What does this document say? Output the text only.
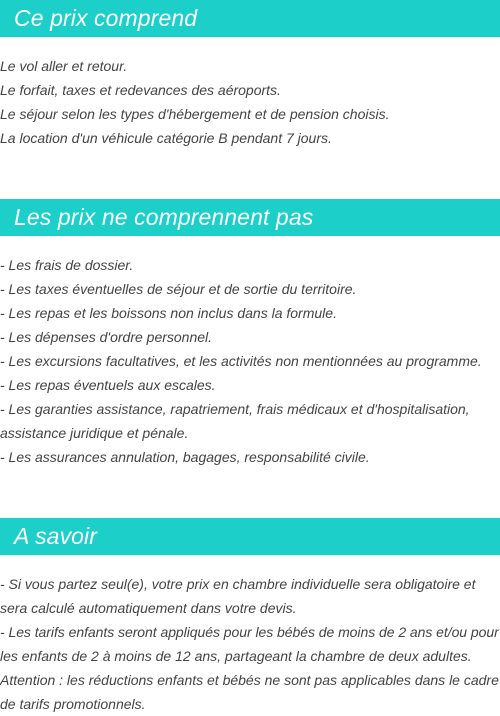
Ce prix comprend
Le vol aller et retour.
Le forfait, taxes et redevances des aéroports.
Le séjour selon les types d'hébergement et de pension choisis.
La location d'un véhicule catégorie B pendant 7 jours.
Les prix ne comprennent pas
- Les frais de dossier.
- Les taxes éventuelles de séjour et de sortie du territoire.
- Les repas et les boissons non inclus dans la formule.
- Les dépenses d'ordre personnel.
- Les excursions facultatives, et les activités non mentionnées au programme.
- Les repas éventuels aux escales.
- Les garanties assistance, rapatriement, frais médicaux et d'hospitalisation,
assistance juridique et pénale.
- Les assurances annulation, bagages, responsabilité civile.
A savoir
- Si vous partez seul(e), votre prix en chambre individuelle sera obligatoire et
sera calculé automatiquement dans votre devis.
- Les tarifs enfants seront appliqués pour les bébés de moins de 2 ans et/ou pour
les enfants de 2 à moins de 12 ans, partageant la chambre de deux adultes.
Attention : les réductions enfants et bébés ne sont pas applicables dans le cadre
de tarifs promotionnels.
